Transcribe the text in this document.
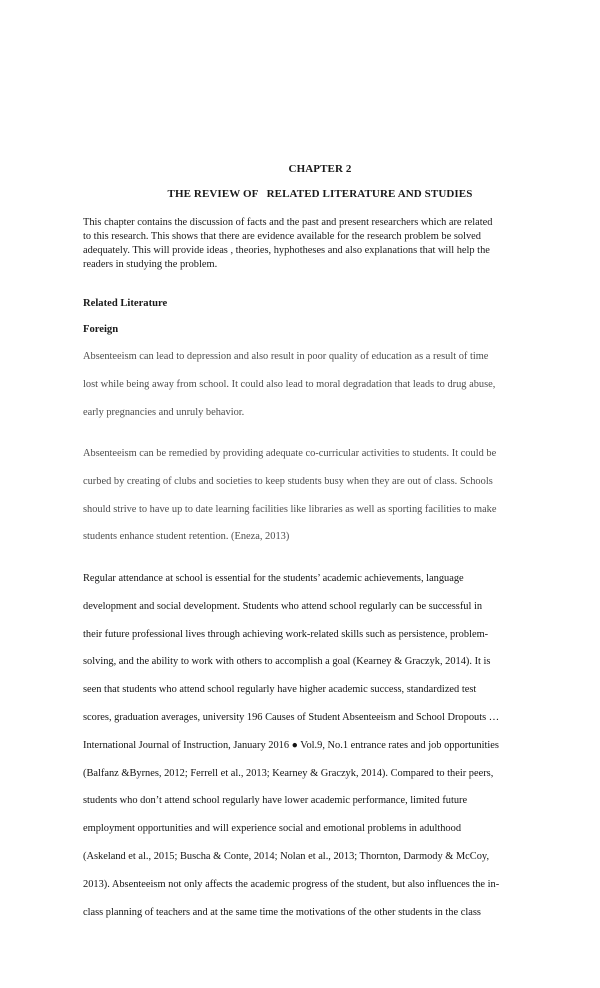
CHAPTER 2
THE REVIEW OF   RELATED LITERATURE AND STUDIES
This chapter contains the discussion of facts and the past and present researchers which are related
to this research. This shows that there are evidence available for the research problem be solved
adequately. This will provide ideas , theories, hyphotheses and also explanations that will help the
readers in studying the problem.
Related Literature
Foreign
Absenteeism can lead to depression and also result in poor quality of education as a result of time
lost while being away from school. It could also lead to moral degradation that leads to drug abuse,
early pregnancies and unruly behavior.
Absenteeism can be remedied by providing adequate co-curricular activities to students. It could be
curbed by creating of clubs and societies to keep students busy when they are out of class. Schools
should strive to have up to date learning facilities like libraries as well as sporting facilities to make
students enhance student retention. (Eneza, 2013)
Regular attendance at school is essential for the students’ academic achievements, language
development and social development. Students who attend school regularly can be successful in
their future professional lives through achieving work-related skills such as persistence, problem-
solving, and the ability to work with others to accomplish a goal (Kearney & Graczyk, 2014). It is
seen that students who attend school regularly have higher academic success, standardized test
scores, graduation averages, university 196 Causes of Student Absenteeism and School Dropouts …
International Journal of Instruction, January 2016 ● Vol.9, No.1 entrance rates and job opportunities
(Balfanz &Byrnes, 2012; Ferrell et al., 2013; Kearney & Graczyk, 2014). Compared to their peers,
students who don’t attend school regularly have lower academic performance, limited future
employment opportunities and will experience social and emotional problems in adulthood
(Askeland et al., 2015; Buscha & Conte, 2014; Nolan et al., 2013; Thornton, Darmody & McCoy,
2013). Absenteeism not only affects the academic progress of the student, but also influences the in-
class planning of teachers and at the same time the motivations of the other students in the class
